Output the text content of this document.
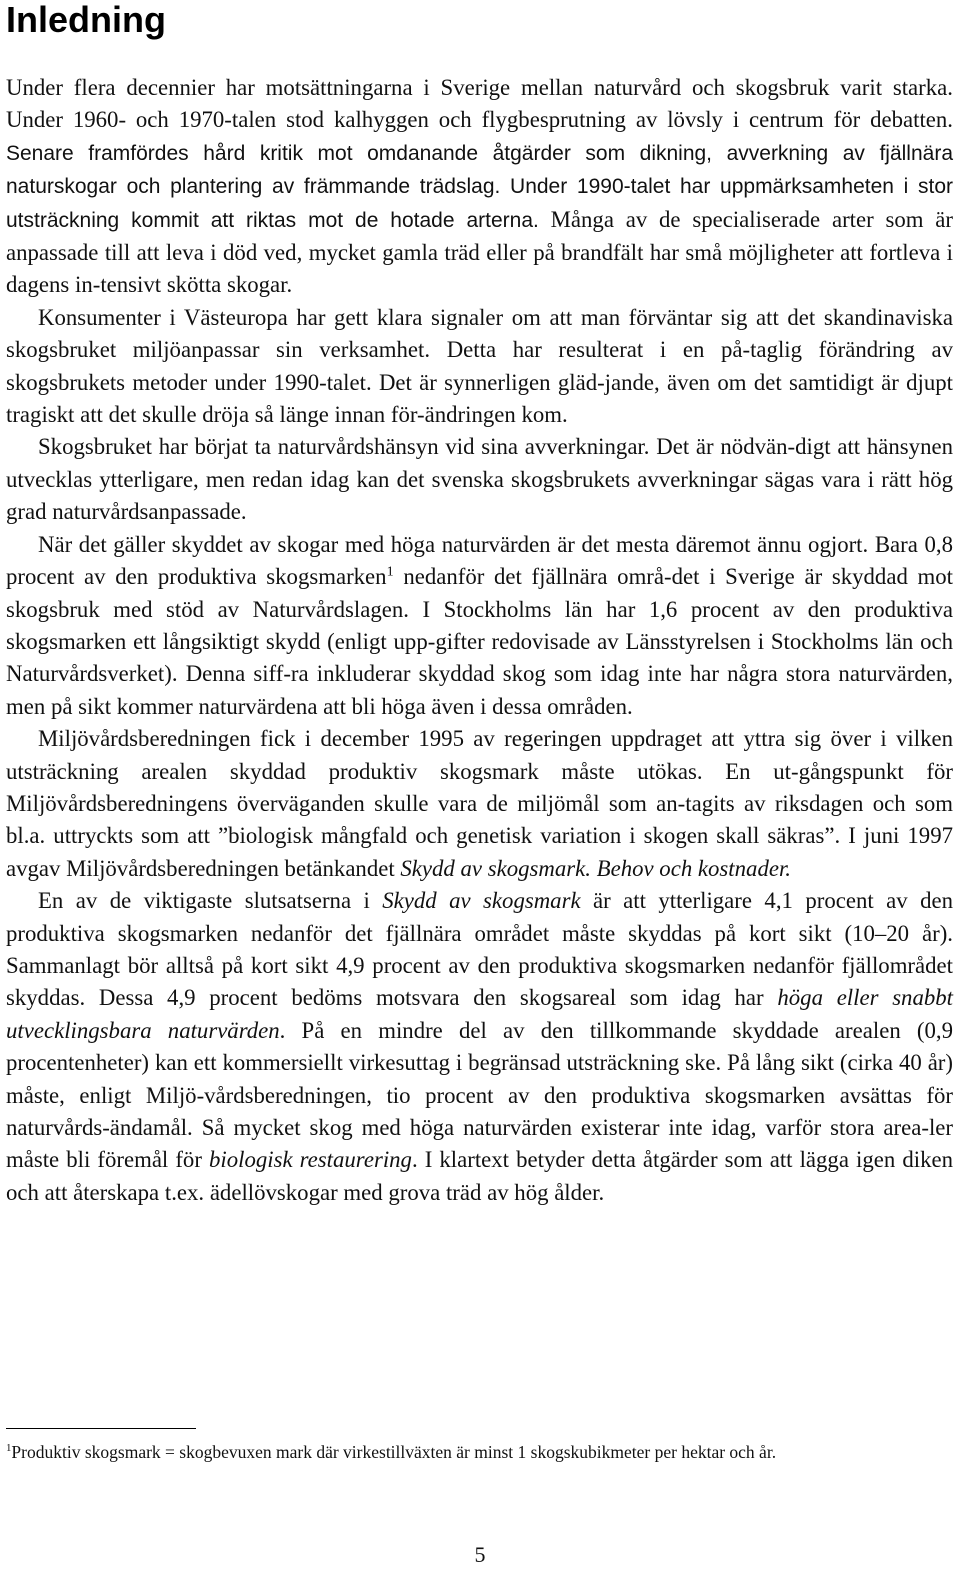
Inledning

Under flera decennier har motsättningarna i Sverige mellan naturvård och skogsbruk varit starka. Under 1960- och 1970-talen stod kalhyggen och flygbesprutning av lövsly i centrum för debatten. Senare framfördes hård kritik mot omdanande åtgärder som dikning, avverkning av fjällnära naturskogar och plantering av främmande trädslag. Under 1990-talet har uppmärksamheten i stor utsträckning kommit att riktas mot de hotade arterna. Många av de specialiserade arter som är anpassade till att leva i död ved, mycket gamla träd eller på brandfält har små möjligheter att fortleva i dagens in-tensivt skötta skogar.

Konsumenter i Västeuropa har gett klara signaler om att man förväntar sig att det skandinaviska skogsbruket miljöanpassar sin verksamhet. Detta har resulterat i en på-taglig förändring av skogsbrukets metoder under 1990-talet. Det är synnerligen gläd-jande, även om det samtidigt är djupt tragiskt att det skulle dröja så länge innan för-ändringen kom.

Skogsbruket har börjat ta naturvårdshänsyn vid sina avverkningar. Det är nödvän-digt att hänsynen utvecklas ytterligare, men redan idag kan det svenska skogsbrukets avverkningar sägas vara i rätt hög grad naturvårdsanpassade.

När det gäller skyddet av skogar med höga naturvärden är det mesta däremot ännu ogjort. Bara 0,8 procent av den produktiva skogsmarken$^1$ nedanför det fjällnära områ-det i Sverige är skyddad mot skogsbruk med stöd av Naturvårdslagen. I Stockholms län har 1,6 procent av den produktiva skogsmarken ett långsiktigt skydd (enligt upp-gifter redovisade av Länsstyrelsen i Stockholms län och Naturvårdsverket). Denna siff-ra inkluderar skyddad skog som idag inte har några stora naturvärden, men på sikt kommer naturvärdena att bli höga även i dessa områden.

Miljövårdsberedningen fick i december 1995 av regeringen uppdraget att yttra sig över i vilken utsträckning arealen skyddad produktiv skogsmark måste utökas. En ut-gångspunkt för Miljövårdsberedningens överväganden skulle vara de miljömål som an-tagits av riksdagen och som bl.a. uttryckts som att ”biologisk mångfald och genetisk variation i skogen skall säkras”. I juni 1997 avgav Miljövårdsberedningen betänkandet Skydd av skogsmark. Behov och kostnader.

En av de viktigaste slutsatserna i Skydd av skogsmark är att ytterligare 4,1 procent av den produktiva skogsmarken nedanför det fjällnära området måste skyddas på kort sikt (10–20 år). Sammanlagt bör alltså på kort sikt 4,9 procent av den produktiva skogsmarken nedanför fjällområdet skyddas. Dessa 4,9 procent bedöms motsvara den skogsareal som idag har höga eller snabbt utvecklingsbara naturvärden. På en mindre del av den tillkommande skyddade arealen (0,9 procentenheter) kan ett kommersiellt virkesuttag i begränsad utsträckning ske. På lång sikt (cirka 40 år) måste, enligt Miljö-vårdsberedningen, tio procent av den produktiva skogsmarken avsättas för naturvårds-ändamål. Så mycket skog med höga naturvärden existerar inte idag, varför stora area-ler måste bli föremål för biologisk restaurering. I klartext betyder detta åtgärder som att lägga igen diken och att återskapa t.ex. ädellövskogar med grova träd av hög ålder.

$^1$Produktiv skogsmark = skogbevuxen mark där virkestillväxten är minst 1 skogskubikmeter per hektar och år.
5
